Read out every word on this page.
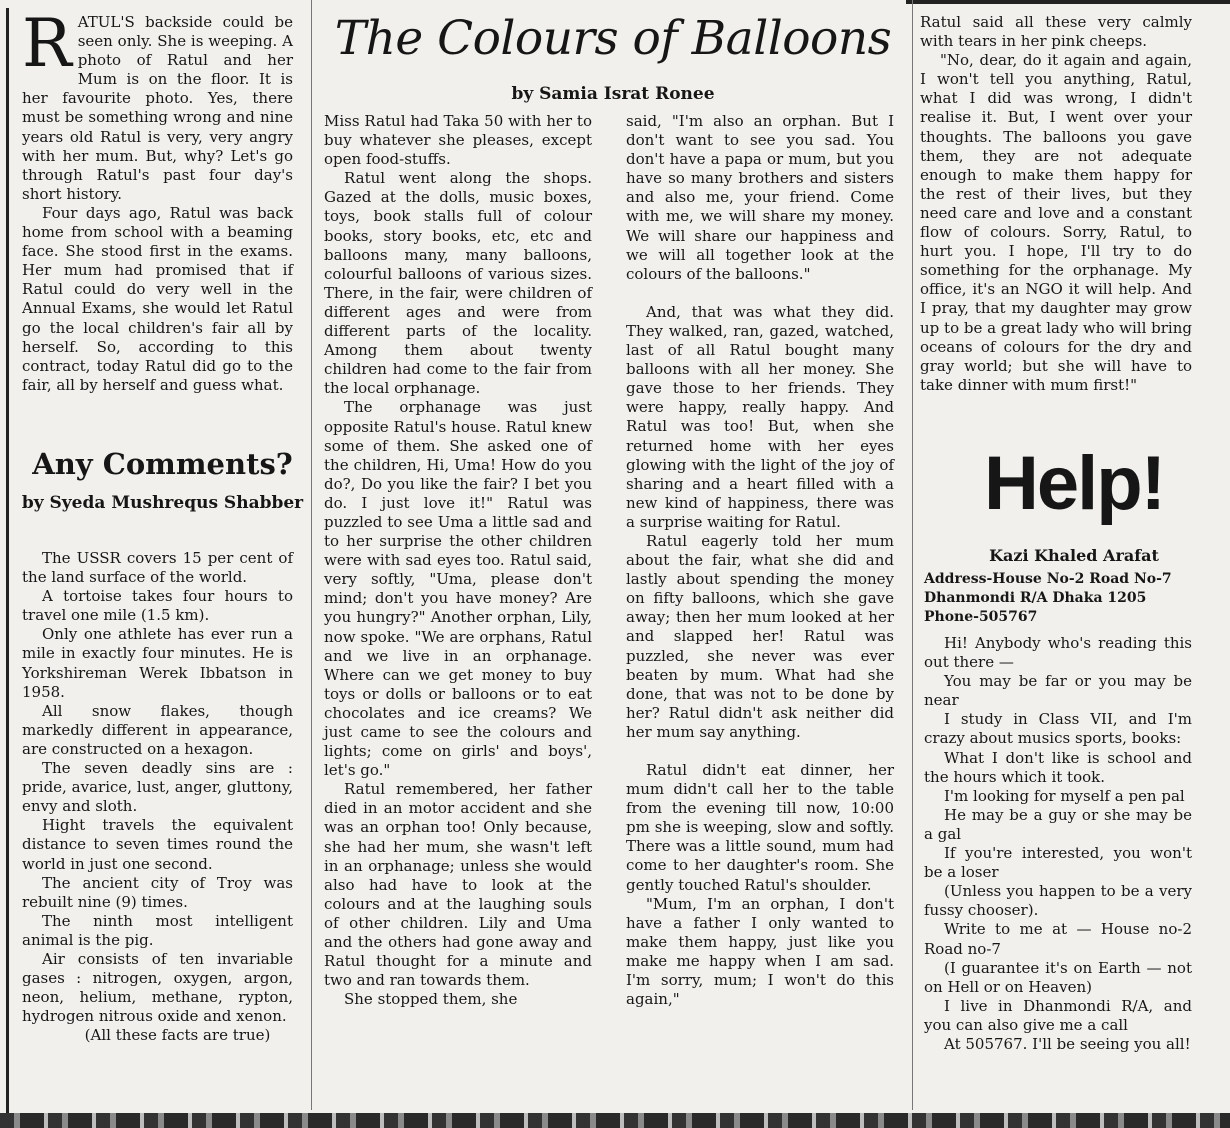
RATUL'S backside could be seen only. She is weeping. A photo of Ratul and her Mum is on the floor. It is her favourite photo. Yes, there must be something wrong and nine years old Ratul is very, very angry with her mum. But, why? Let's go through Ratul's past four day's short history.

Four days ago, Ratul was back home from school with a beaming face. She stood first in the exams. Her mum had promised that if Ratul could do very well in the Annual Exams, she would let Ratul go the local children's fair all by herself. So, according to this contract, today Ratul did go to the fair, all by herself and guess what.

The Colours of Balloons
by Samia Israt Ronee
Any Comments?
by Syeda Mushrequs Shabber

The USSR covers 15 per cent of the land surface of the world.

A tortoise takes four hours to travel one mile (1.5 km).

Only one athlete has ever run a mile in exactly four minutes. He is Yorkshireman Werek Ibbatson in 1958.

All snow flakes, though markedly different in appearance, are constructed on a hexagon.

The seven deadly sins are : pride, avarice, lust, anger, gluttony, envy and sloth.

Hight travels the equivalent distance to seven times round the world in just one second.

The ancient city of Troy was rebuilt nine (9) times.

The ninth most intelligent animal is the pig.

Air consists of ten invariable gases : nitrogen, oxygen, argon, neon, helium, methane, rypton, hydrogen nitrous oxide and xenon.

(All these facts are true)

Miss Ratul had Taka 50 with her to buy whatever she pleases, except open food-stuffs.

Ratul went along the shops. Gazed at the dolls, music boxes, toys, book stalls full of colour books, story books, etc, etc and balloons many, many balloons, colourful balloons of various sizes. There, in the fair, were children of different ages and were from different parts of the locality. Among them about twenty children had come to the fair from the local orphanage.

The orphanage was just opposite Ratul's house. Ratul knew some of them. She asked one of the children, Hi, Uma! How do you do?, Do you like the fair? I bet you do. I just love it!" Ratul was puzzled to see Uma a little sad and to her surprise the other children were with sad eyes too. Ratul said, very softly, "Uma, please don't mind; don't you have money? Are you hungry?" Another orphan, Lily, now spoke. "We are orphans, Ratul and we live in an orphanage. Where can we get money to buy toys or dolls or balloons or to eat chocolates and ice creams? We just came to see the colours and lights; come on girls' and boys', let's go."

Ratul remembered, her father died in an motor accident and she was an orphan too! Only because, she had her mum, she wasn't left in an orphanage; unless she would also had have to look at the colours and at the laughing souls of other children. Lily and Uma and the others had gone away and Ratul thought for a minute and two and ran towards them.

She stopped them, she

said, "I'm also an orphan. But I don't want to see you sad. You don't have a papa or mum, but you have so many brothers and sisters and also me, your friend. Come with me, we will share my money. We will share our happiness and we will all together look at the colours of the balloons."

And, that was what they did. They walked, ran, gazed, watched, last of all Ratul bought many balloons with all her money. She gave those to her friends. They were happy, really happy. And Ratul was too! But, when she returned home with her eyes glowing with the light of the joy of sharing and a heart filled with a new kind of happiness, there was a surprise waiting for Ratul.

Ratul eagerly told her mum about the fair, what she did and lastly about spending the money on fifty balloons, which she gave away; then her mum looked at her and slapped her! Ratul was puzzled, she never was ever beaten by mum. What had she done, that was not to be done by her? Ratul didn't ask neither did her mum say anything.

Ratul didn't eat dinner, her mum didn't call her to the table from the evening till now, 10:00 pm she is weeping, slow and softly. There was a little sound, mum had come to her daughter's room. She gently touched Ratul's shoulder.

"Mum, I'm an orphan, I don't have a father I only wanted to make them happy, just like you make me happy when I am sad. I'm sorry, mum; I won't do this again,"

Ratul said all these very calmly with tears in her pink cheeps.

"No, dear, do it again and again, I won't tell you anything, Ratul, what I did was wrong, I didn't realise it. But, I went over your thoughts. The balloons you gave them, they are not adequate enough to make them happy for the rest of their lives, but they need care and love and a constant flow of colours. Sorry, Ratul, to hurt you. I hope, I'll try to do something for the orphanage. My office, it's an NGO it will help. And I pray, that my daughter may grow up to be a great lady who will bring oceans of colours for the dry and gray world; but she will have to take dinner with mum first!"

Help!
Kazi Khaled Arafat
Address-House No-2 Road No-7 Dhanmondi R/A Dhaka 1205 Phone-505767

Hi! Anybody who's reading this out there —

You may be far or you may be near

I study in Class VII, and I'm crazy about musics sports, books:

What I don't like is school and the hours which it took.

I'm looking for myself a pen pal

He may be a guy or she may be a gal

If you're interested, you won't be a loser

(Unless you happen to be a very fussy chooser).

Write to me at — House no-2 Road no-7

(I guarantee it's on Earth — not on Hell or on Heaven)

I live in Dhanmondi R/A, and you can also give me a call

At 505767. I'll be seeing you all!
